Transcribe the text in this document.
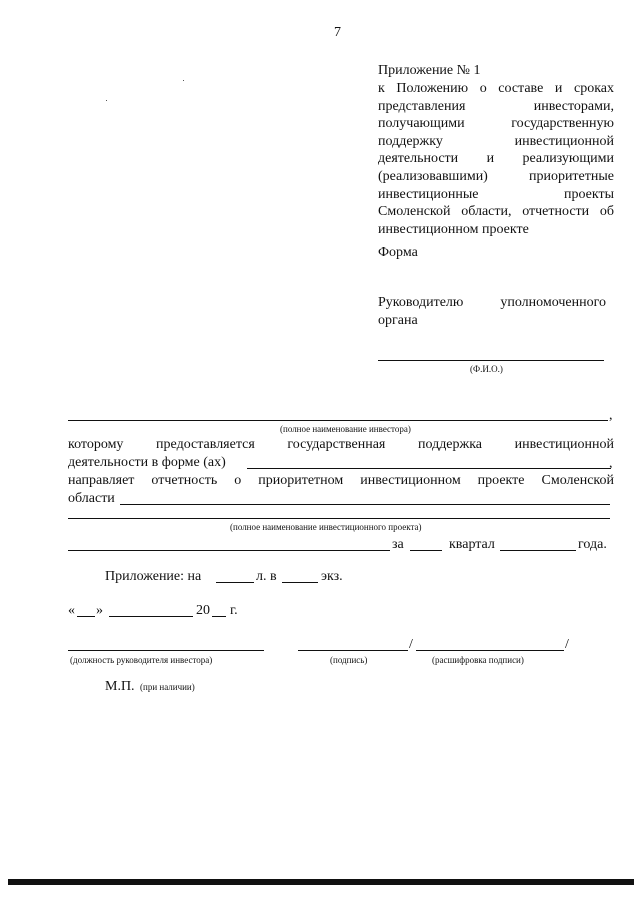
7
Приложение № 1
к Положению о составе и сроках
представления инвесторами,
получающими государственную
поддержку инвестиционной
деятельности и реализующими
(реализовавшими) приоритетные
инвестиционные проекты
Смоленской области, отчетности об
инвестиционном проекте
Форма
Руководителю уполномоченного
органа
(Ф.И.О.)
,
(полное наименование инвестора)
которому предоставляется государственная поддержка инвестиционной
деятельности в форме (ах)	,
направляет отчетность о приоритетном инвестиционном проекте Смоленской
области
(полное наименование инвестиционного проекта)
за	квартал	года.
Приложение: на	л. в	экз.
« »	20 г.
(должность руководителя инвестора)
/
(подпись)
/
(расшифровка подписи)
М.П. (при наличии)
